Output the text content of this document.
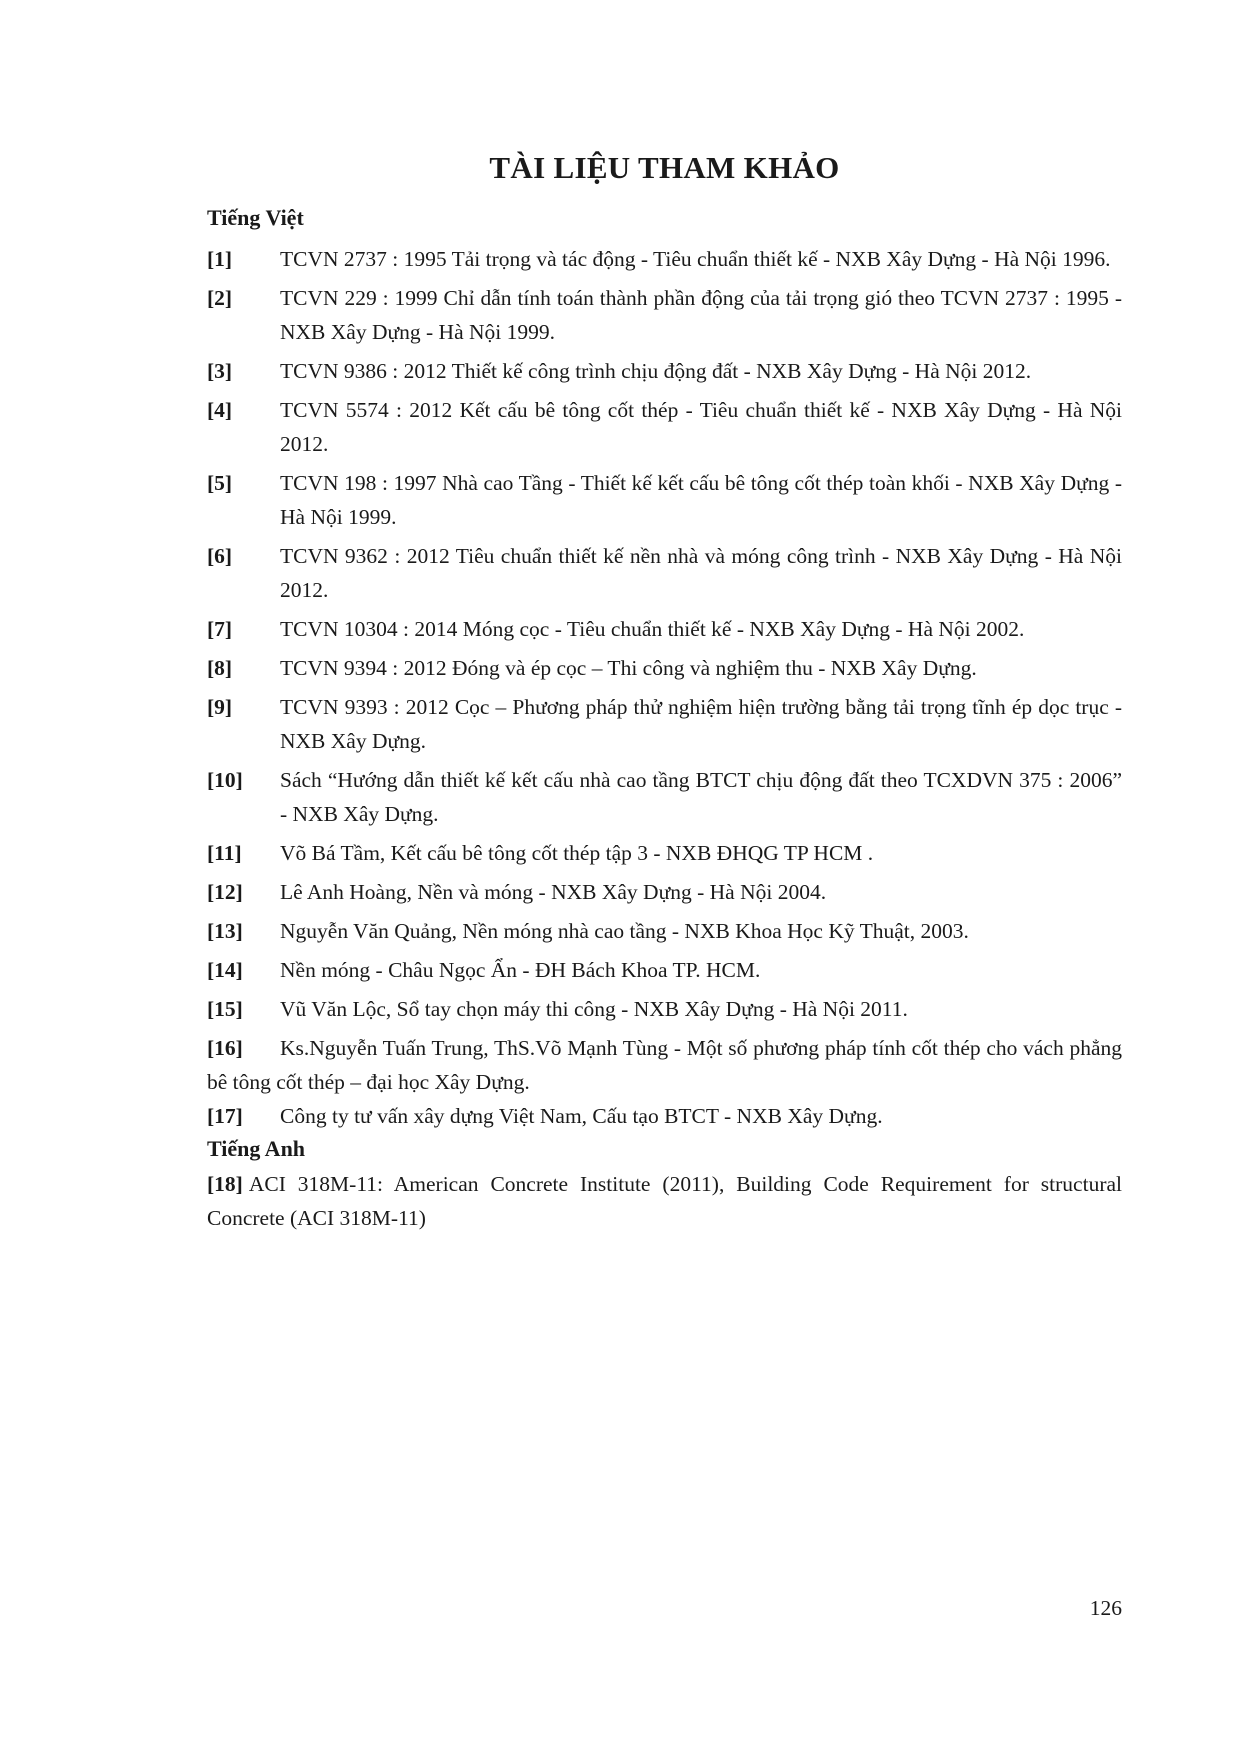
TÀI LIỆU THAM KHẢO
Tiếng Việt
[1] TCVN 2737 : 1995 Tải trọng và tác động - Tiêu chuẩn thiết kế - NXB Xây Dựng - Hà Nội 1996.
[2] TCVN 229 : 1999 Chỉ dẫn tính toán thành phần động của tải trọng gió theo TCVN 2737 : 1995 - NXB Xây Dựng - Hà Nội 1999.
[3] TCVN 9386 : 2012 Thiết kế công trình chịu động đất - NXB Xây Dựng - Hà Nội 2012.
[4] TCVN 5574 : 2012 Kết cấu bê tông cốt thép - Tiêu chuẩn thiết kế - NXB Xây Dựng - Hà Nội 2012.
[5] TCVN 198 : 1997 Nhà cao Tầng - Thiết kế kết cấu bê tông cốt thép toàn khối - NXB Xây Dựng - Hà Nội 1999.
[6] TCVN 9362 : 2012 Tiêu chuẩn thiết kế nền nhà và móng công trình - NXB Xây Dựng - Hà Nội 2012.
[7] TCVN 10304 : 2014 Móng cọc - Tiêu chuẩn thiết kế - NXB Xây Dựng - Hà Nội 2002.
[8] TCVN 9394 : 2012 Đóng và ép cọc – Thi công và nghiệm thu - NXB Xây Dựng.
[9] TCVN 9393 : 2012 Cọc – Phương pháp thử nghiệm hiện trường bằng tải trọng tĩnh ép dọc trục - NXB Xây Dựng.
[10] Sách “Hướng dẫn thiết kế kết cấu nhà cao tầng BTCT chịu động đất theo TCXDVN 375 : 2006” - NXB Xây Dựng.
[11] Võ Bá Tầm, Kết cấu bê tông cốt thép tập 3 - NXB ĐHQG TP HCM .
[12] Lê Anh Hoàng, Nền và móng - NXB Xây Dựng - Hà Nội 2004.
[13] Nguyễn Văn Quảng, Nền móng nhà cao tầng - NXB Khoa Học Kỹ Thuật, 2003.
[14] Nền móng - Châu Ngọc Ẩn - ĐH Bách Khoa TP. HCM.
[15] Vũ Văn Lộc, Sổ tay chọn máy thi công - NXB Xây Dựng - Hà Nội 2011.
[16] Ks.Nguyễn Tuấn Trung, ThS.Võ Mạnh Tùng - Một số phương pháp tính cốt thép cho vách phẳng bê tông cốt thép – đại học Xây Dựng.
[17] Công ty tư vấn xây dựng Việt Nam, Cấu tạo BTCT - NXB Xây Dựng.
Tiếng Anh
[18] ACI 318M-11: American Concrete Institute (2011), Building Code Requirement for structural Concrete (ACI 318M-11)
126
